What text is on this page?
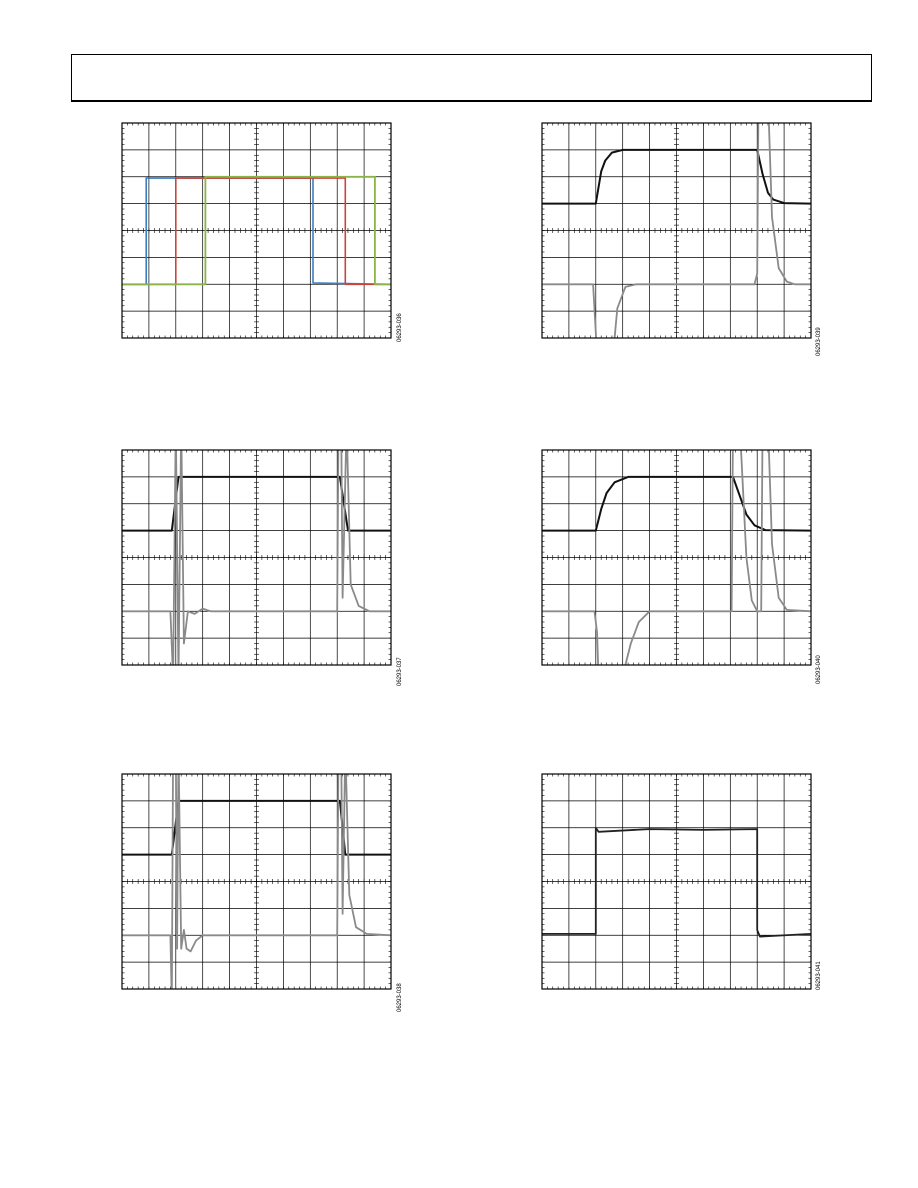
06293-036	06293-039
06293-037	06293-040
06293-038
06293-041
